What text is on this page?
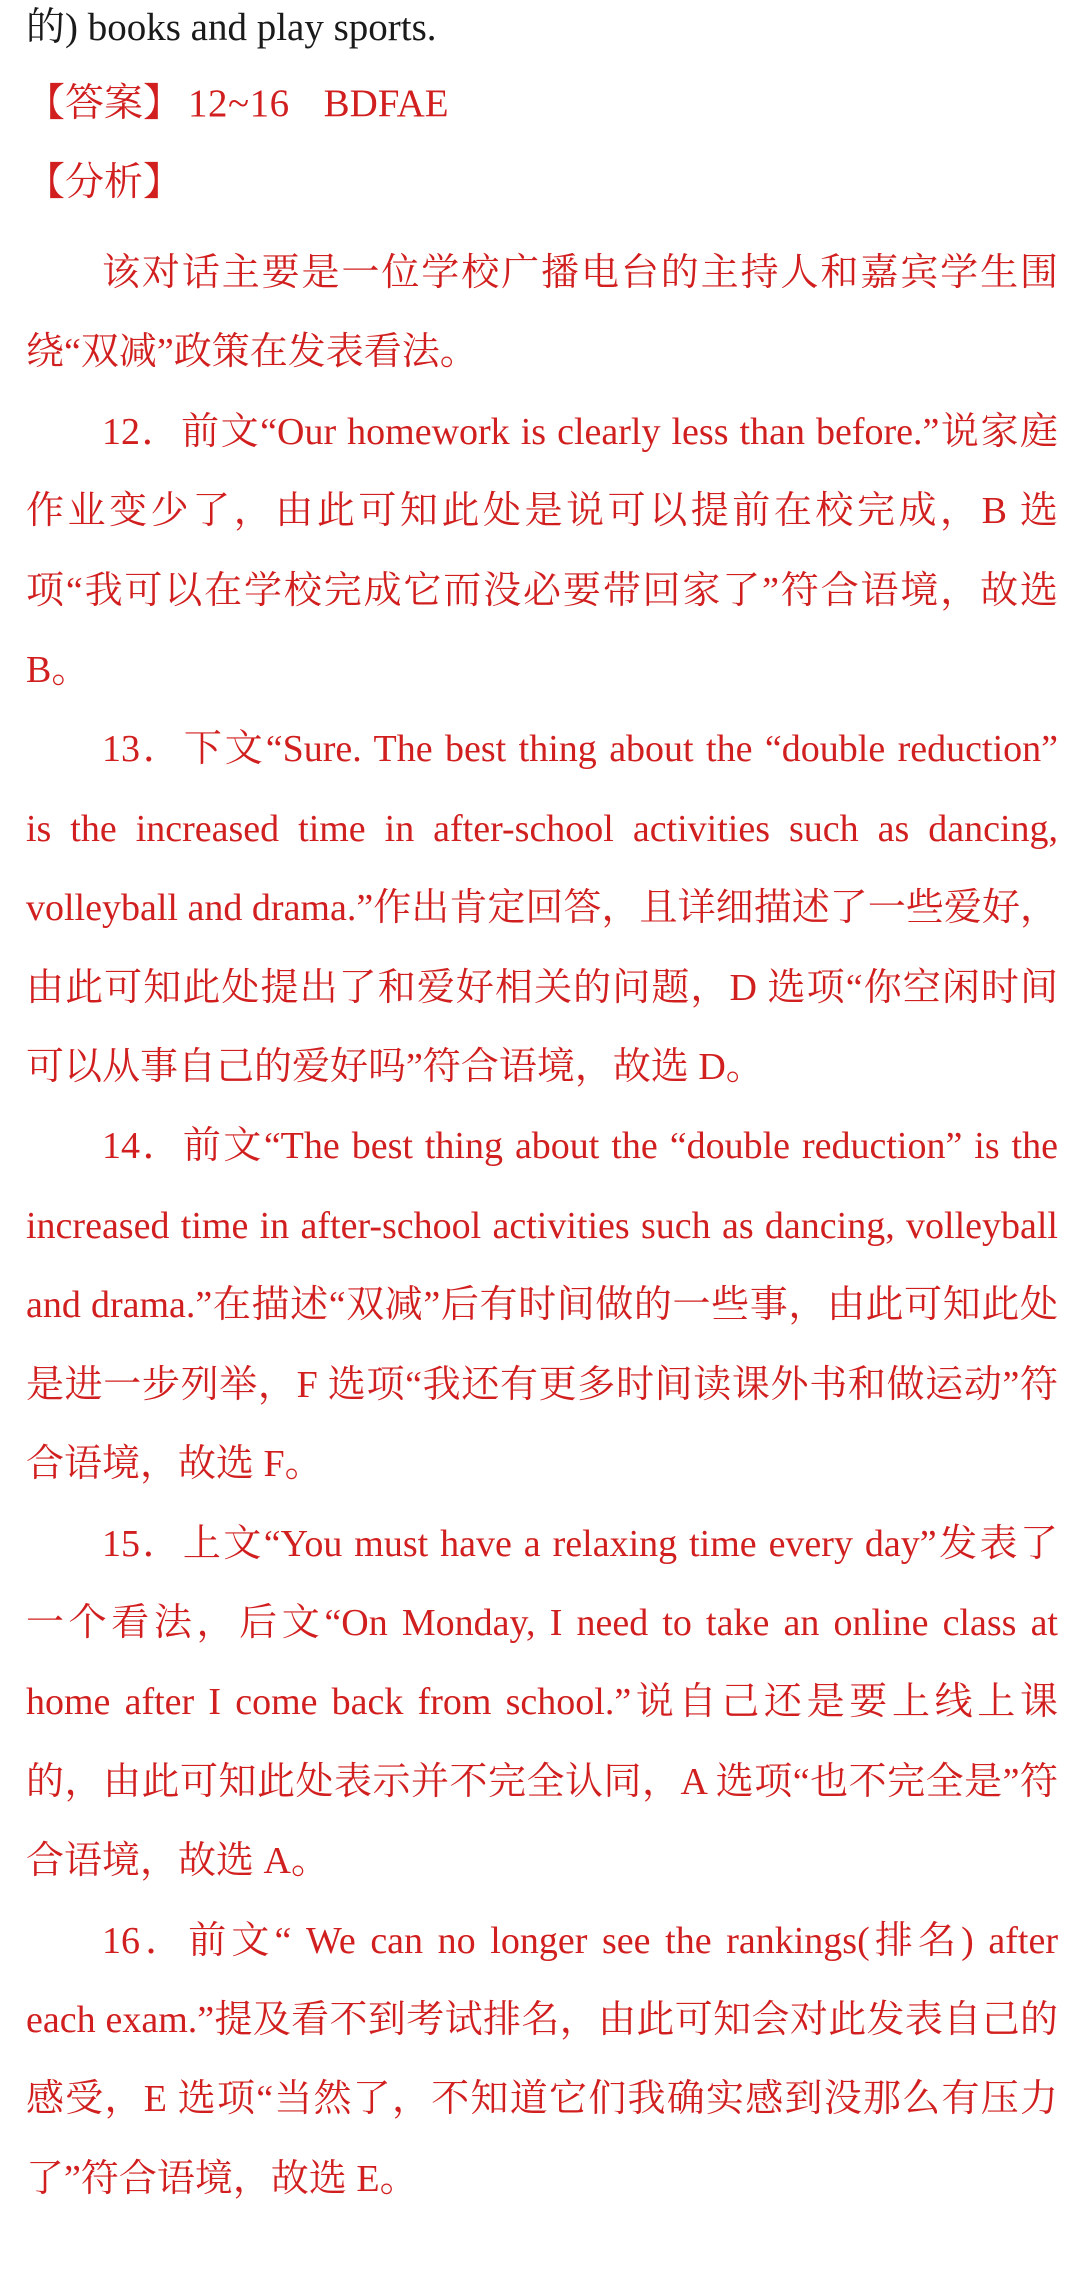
的) books and play sports.
【答案】 12~16 BDFAE
【分析】

该对话主要是一位学校广播电台的主持人和嘉宾学生围绕“双减”政策在发表看法。

12．前文“Our homework is clearly less than before.”说家庭作业变少了，由此可知此处是说可以提前在校完成，B 选项“我可以在学校完成它而没必要带回家了”符合语境，故选 B。

13．下文“Sure. The best thing about the “double reduction” is the increased time in after-school activities such as dancing, volleyball and drama.”作出肯定回答，且详细描述了一些爱好，由此可知此处提出了和爱好相关的问题，D 选项“你空闲时间可以从事自己的爱好吗”符合语境，故选 D。

14．前文“The best thing about the “double reduction” is the increased time in after-school activities such as dancing, volleyball and drama.”在描述“双减”后有时间做的一些事，由此可知此处是进一步列举，F 选项“我还有更多时间读课外书和做运动”符合语境，故选 F。

15．上文“You must have a relaxing time every day”发表了一个看法，后文“On Monday, I need to take an online class at home after I come back from school.”说自己还是要上线上课的，由此可知此处表示并不完全认同，A 选项“也不完全是”符合语境，故选 A。

16．前文“ We can no longer see the rankings(排名) after each exam.”提及看不到考试排名，由此可知会对此发表自己的感受，E 选项“当然了，不知道它们我确实感到没那么有压力了”符合语境，故选 E。
